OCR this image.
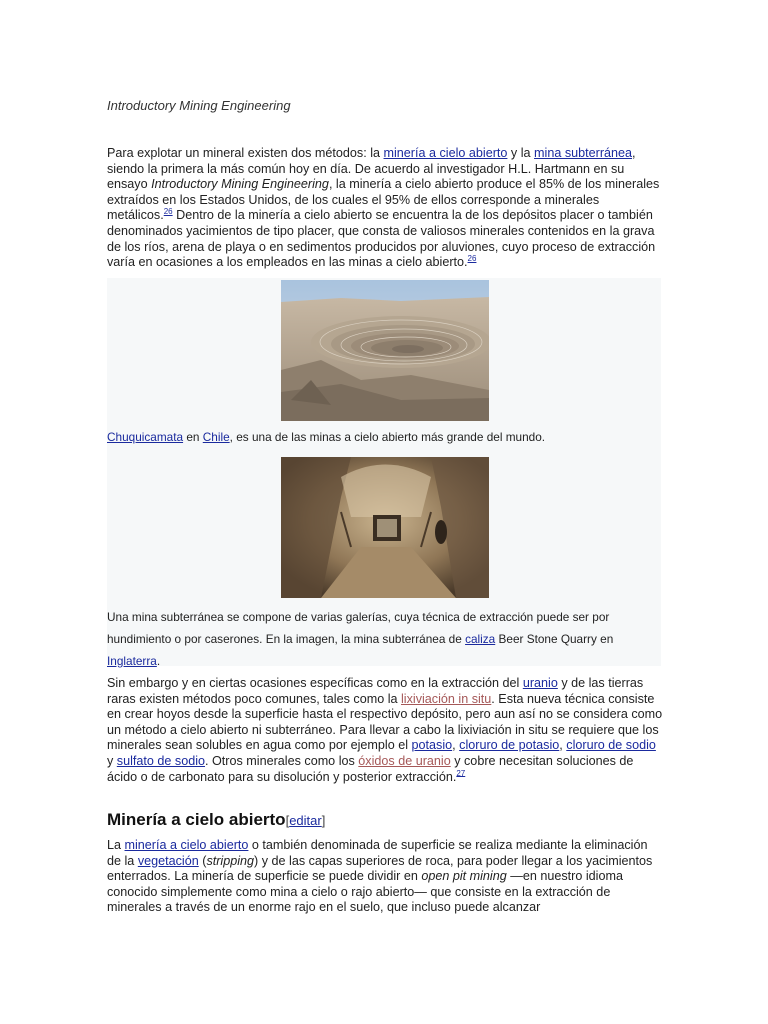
Introductory Mining Engineering
Para explotar un mineral existen dos métodos: la minería a cielo abierto y la mina subterránea, siendo la primera la más común hoy en día. De acuerdo al investigador H.L. Hartmann en su ensayo Introductory Mining Engineering, la minería a cielo abierto produce el 85% de los minerales extraídos en los Estados Unidos, de los cuales el 95% de ellos corresponde a minerales metálicos.$^{26}$ Dentro de la minería a cielo abierto se encuentra la de los depósitos placer o también denominados yacimientos de tipo placer, que consta de valiosos minerales contenidos en la grava de los ríos, arena de playa o en sedimentos producidos por aluviones, cuyo proceso de extracción varía en ocasiones a los empleados en las minas a cielo abierto.$^{26}$
Chuquicamata en Chile, es una de las minas a cielo abierto más grande del mundo.
Una mina subterránea se compone de varias galerías, cuya técnica de extracción puede ser por hundimiento o por caserones. En la imagen, la mina subterránea de caliza Beer Stone Quarry en Inglaterra.
Sin embargo y en ciertas ocasiones específicas como en la extracción del uranio y de las tierras raras existen métodos poco comunes, tales como la lixiviación in situ. Esta nueva técnica consiste en crear hoyos desde la superficie hasta el respectivo depósito, pero aun así no se considera como un método a cielo abierto ni subterráneo. Para llevar a cabo la lixiviación in situ se requiere que los minerales sean solubles en agua como por ejemplo el potasio, cloruro de potasio, cloruro de sodio y sulfato de sodio. Otros minerales como los óxidos de uranio y cobre necesitan soluciones de ácido o de carbonato para su disolución y posterior extracción.$^{27}$
Minería a cielo abierto[editar]
La minería a cielo abierto o también denominada de superficie se realiza mediante la eliminación de la vegetación (stripping) y de las capas superiores de roca, para poder llegar a los yacimientos enterrados. La minería de superficie se puede dividir en open pit mining —en nuestro idioma conocido simplemente como mina a cielo o rajo abierto— que consiste en la extracción de minerales a través de un enorme rajo en el suelo, que incluso puede alcanzar
